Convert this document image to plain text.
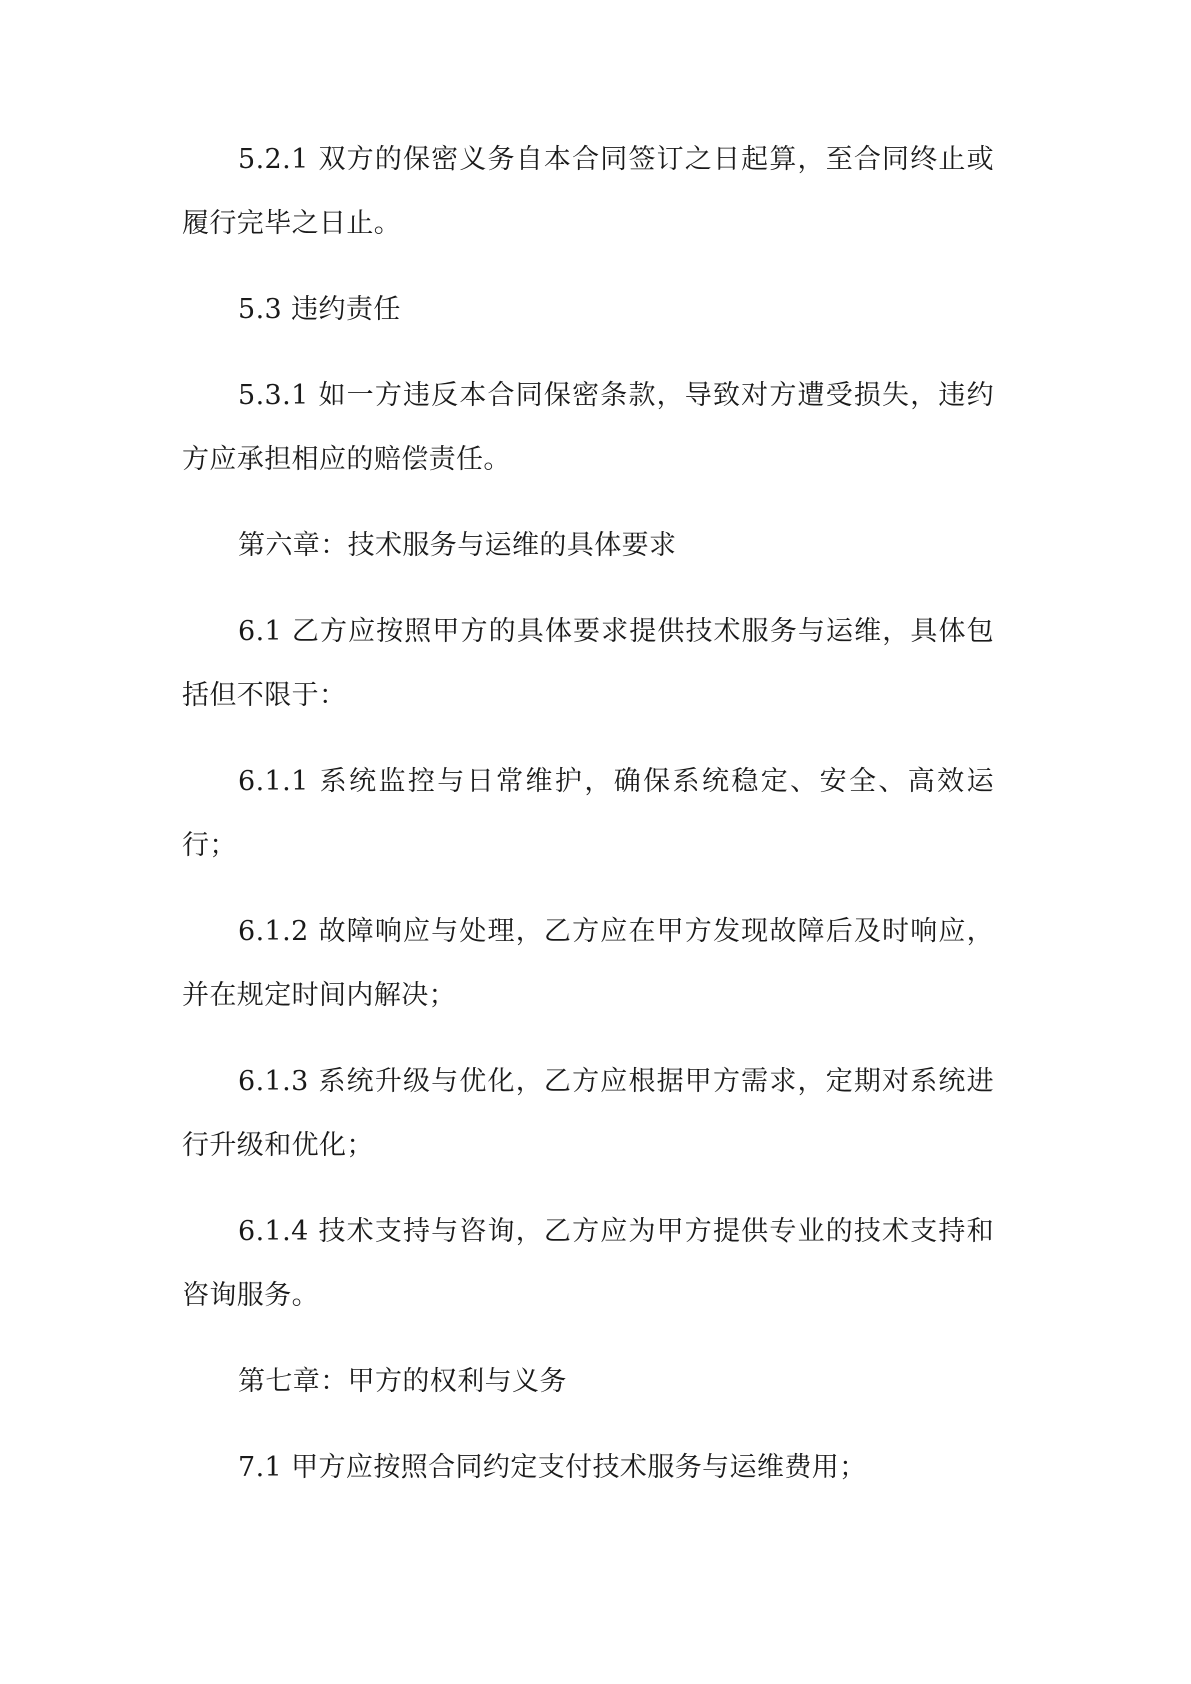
5.2.1 双方的保密义务自本合同签订之日起算，至合同终止或履行完毕之日止。

5.3 违约责任

5.3.1 如一方违反本合同保密条款，导致对方遭受损失，违约方应承担相应的赔偿责任。

第六章：技术服务与运维的具体要求

6.1 乙方应按照甲方的具体要求提供技术服务与运维，具体包括但不限于：

6.1.1 系统监控与日常维护，确保系统稳定、安全、高效运行；

6.1.2 故障响应与处理，乙方应在甲方发现故障后及时响应，并在规定时间内解决；

6.1.3 系统升级与优化，乙方应根据甲方需求，定期对系统进行升级和优化；

6.1.4 技术支持与咨询，乙方应为甲方提供专业的技术支持和咨询服务。

第七章：甲方的权利与义务

7.1 甲方应按照合同约定支付技术服务与运维费用；
